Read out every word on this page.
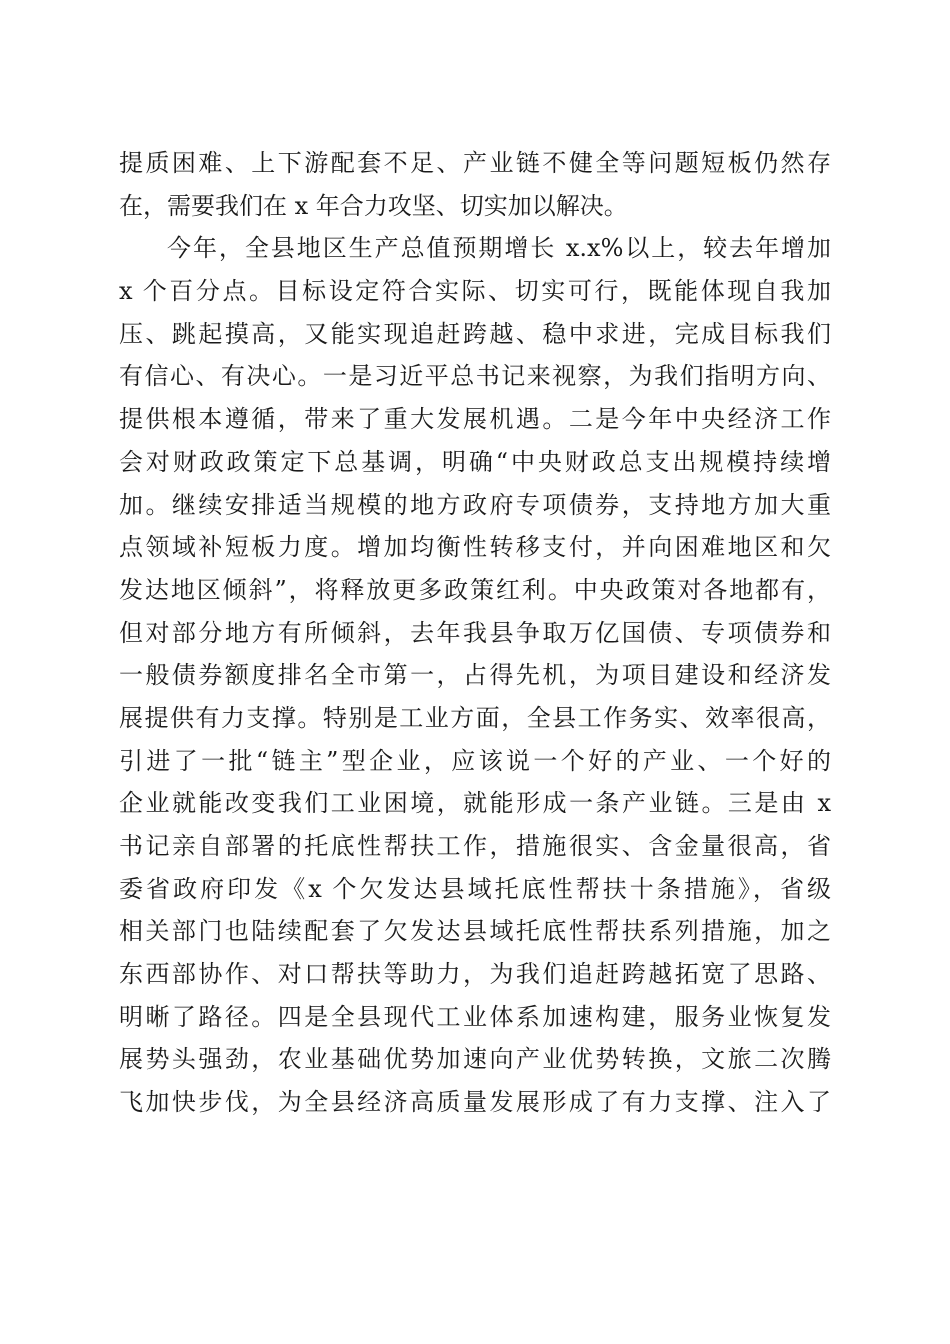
提质困难、上下游配套不足、产业链不健全等问题短板仍然存
在，需要我们在 x 年合力攻坚、切实加以解决。
今年，全县地区生产总值预期增长 x.x%以上，较去年增加
x 个百分点。目标设定符合实际、切实可行，既能体现自我加
压、跳起摸高，又能实现追赶跨越、稳中求进，完成目标我们
有信心、有决心。一是习近平总书记来视察，为我们指明方向、
提供根本遵循，带来了重大发展机遇。二是今年中央经济工作
会对财政政策定下总基调，明确“中央财政总支出规模持续增
加。继续安排适当规模的地方政府专项债券，支持地方加大重
点领域补短板力度。增加均衡性转移支付，并向困难地区和欠
发达地区倾斜”，将释放更多政策红利。中央政策对各地都有，
但对部分地方有所倾斜，去年我县争取万亿国债、专项债券和
一般债券额度排名全市第一，占得先机，为项目建设和经济发
展提供有力支撑。特别是工业方面，全县工作务实、效率很高，
引进了一批“链主”型企业，应该说一个好的产业、一个好的
企业就能改变我们工业困境，就能形成一条产业链。三是由 x
书记亲自部署的托底性帮扶工作，措施很实、含金量很高，省
委省政府印发《x 个欠发达县域托底性帮扶十条措施》，省级
相关部门也陆续配套了欠发达县域托底性帮扶系列措施，加之
东西部协作、对口帮扶等助力，为我们追赶跨越拓宽了思路、
明晰了路径。四是全县现代工业体系加速构建，服务业恢复发
展势头强劲，农业基础优势加速向产业优势转换，文旅二次腾
飞加快步伐，为全县经济高质量发展形成了有力支撑、注入了
